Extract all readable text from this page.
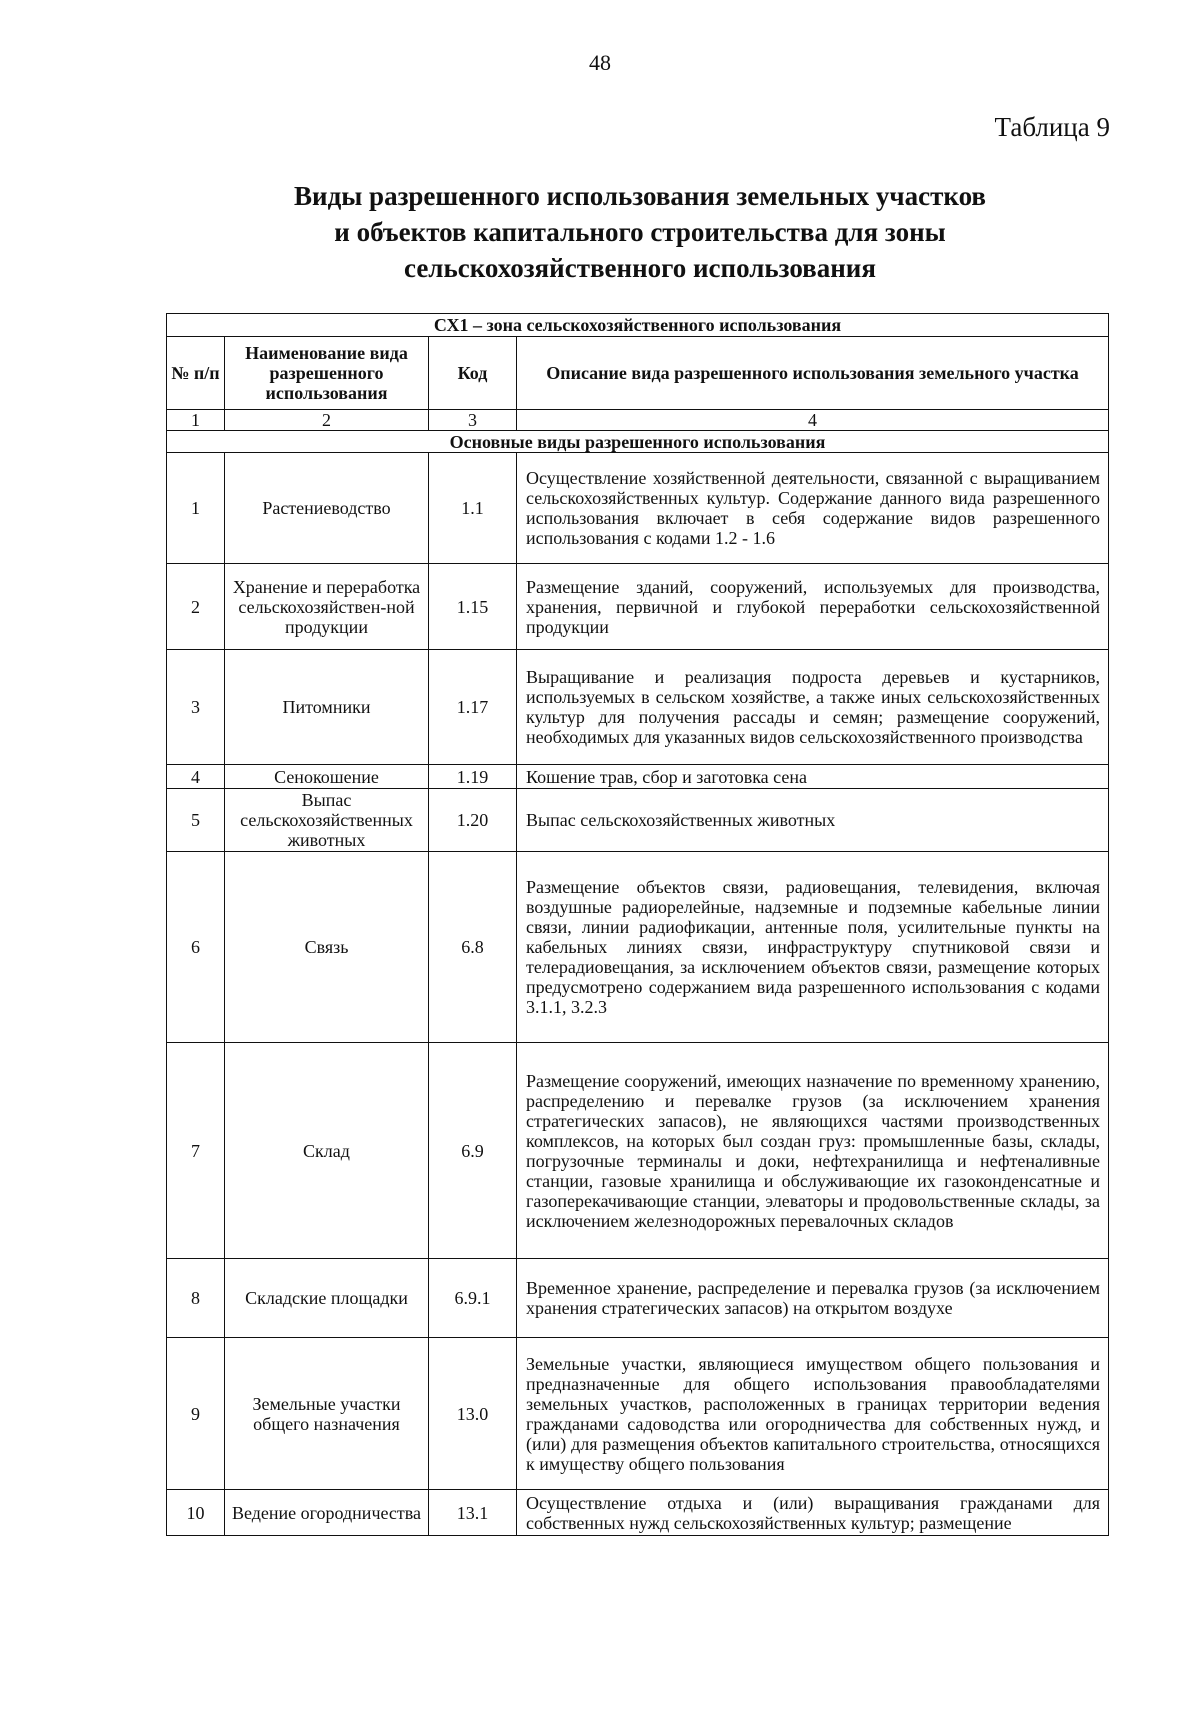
48
Таблица 9
Виды разрешенного использования земельных участков
и объектов капитального строительства для зоны
сельскохозяйственного использования
СХ1 – зона сельскохозяйственного использования			
№ п/п	Наименование вида разрешенного использования	Код	Описание вида разрешенного использования земельного участка
1	2	3	4
Основные виды разрешенного использования			
1	Растениеводство	1.1	Осуществление хозяйственной деятельности, связанной с выращиванием сельскохозяйственных культур. Содержание данного вида разрешенного использования включает в себя содержание видов разрешенного использования с кодами 1.2 - 1.6
2	Хранение и переработка сельскохозяйствен-ной продукции	1.15	Размещение зданий, сооружений, используемых для производства, хранения, первичной и глубокой переработки сельскохозяйственной продукции
3	Питомники	1.17	Выращивание и реализация подроста деревьев и кустарников, используемых в сельском хозяйстве, а также иных сельскохозяйственных культур для получения рассады и семян; размещение сооружений, необходимых для указанных видов сельскохозяйственного производства
4	Сенокошение	1.19	Кошение трав, сбор и заготовка сена
5	Выпас сельскохозяйственных животных	1.20	Выпас сельскохозяйственных животных
6	Связь	6.8	Размещение объектов связи, радиовещания, телевидения, включая воздушные радиорелейные, надземные и подземные кабельные линии связи, линии радиофикации, антенные поля, усилительные пункты на кабельных линиях связи, инфраструктуру спутниковой связи и телерадиовещания, за исключением объектов связи, размещение которых предусмотрено содержанием вида разрешенного использования с кодами 3.1.1, 3.2.3
7	Склад	6.9	Размещение сооружений, имеющих назначение по временному хранению, распределению и перевалке грузов (за исключением хранения стратегических запасов), не являющихся частями производственных комплексов, на которых был создан груз: промышленные базы, склады, погрузочные терминалы и доки, нефтехранилища и нефтеналивные станции, газовые хранилища и обслуживающие их газоконденсатные и газоперекачивающие станции, элеваторы и продовольственные склады, за исключением железнодорожных перевалочных складов
8	Складские площадки	6.9.1	Временное хранение, распределение и перевалка грузов (за исключением хранения стратегических запасов) на открытом воздухе
9	Земельные участки общего назначения	13.0	Земельные участки, являющиеся имуществом общего пользования и предназначенные для общего использования правообладателями земельных участков, расположенных в границах территории ведения гражданами садоводства или огородничества для собственных нужд, и (или) для размещения объектов капитального строительства, относящихся к имуществу общего пользования
10	Ведение огородничества	13.1	Осуществление отдыха и (или) выращивания гражданами для собственных нужд сельскохозяйственных культур; размещение
